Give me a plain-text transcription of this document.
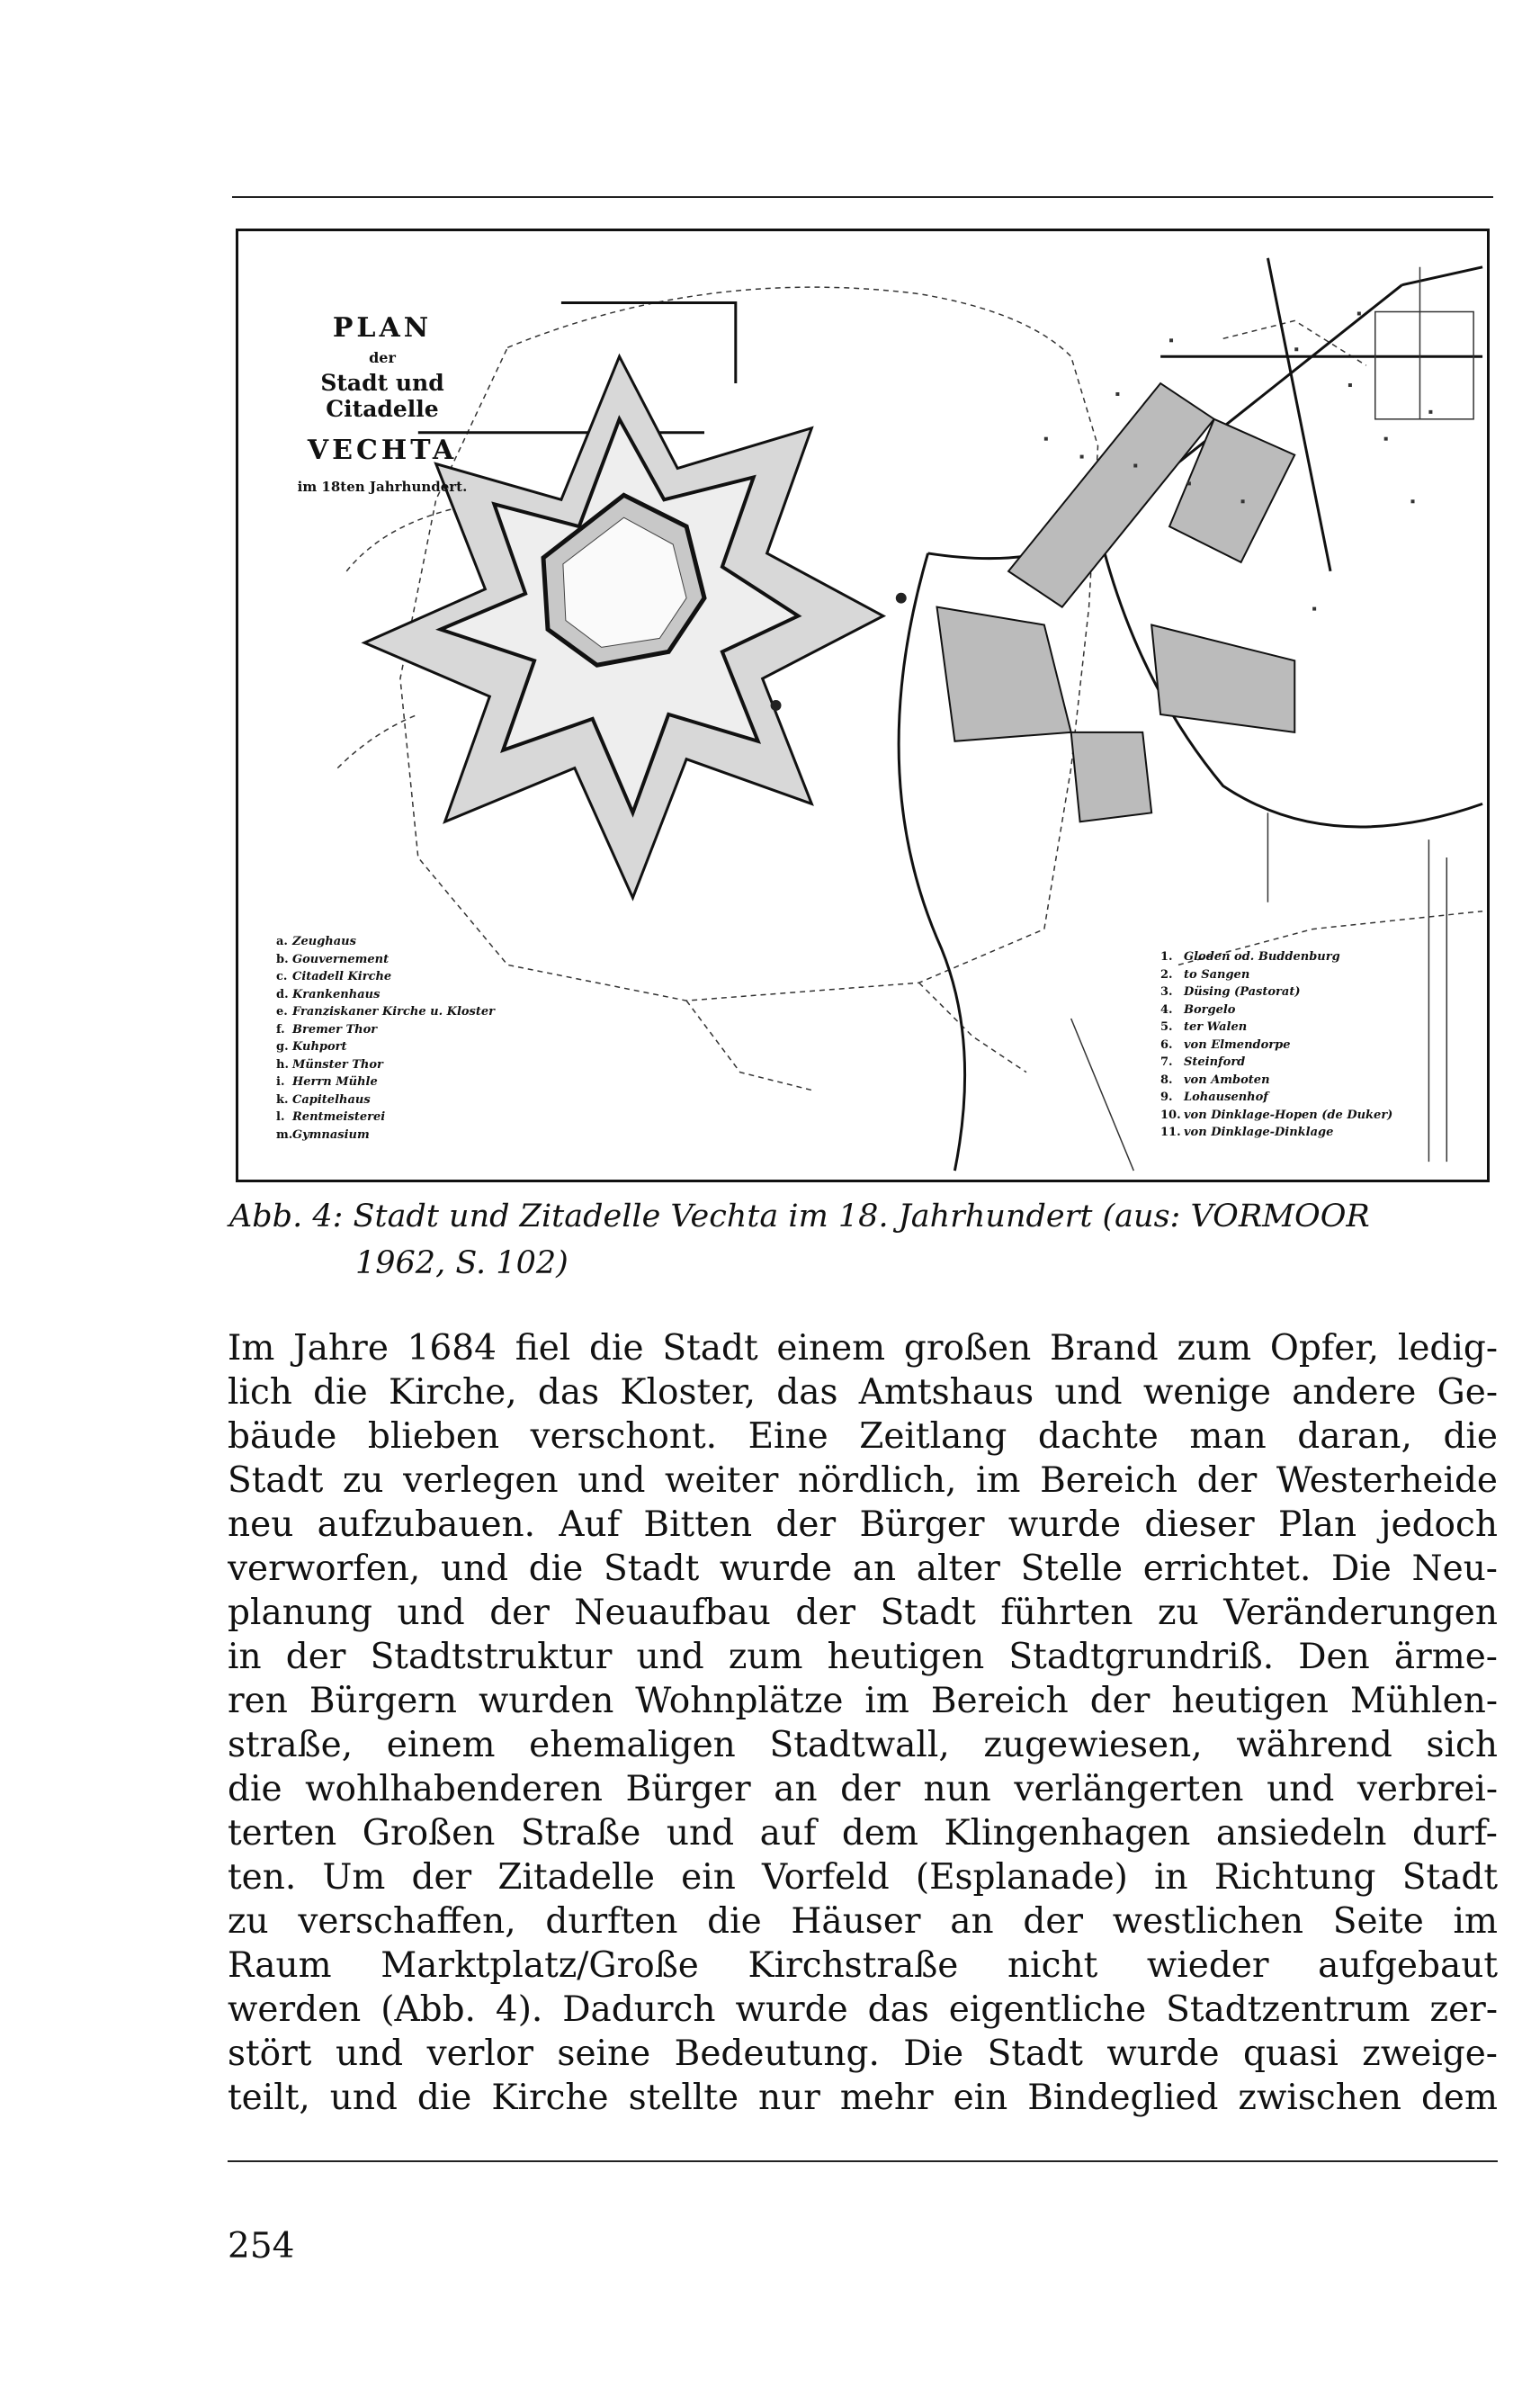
PLAN
der
Stadt und Citadelle
VECHTA
im 18ten Jahrhundert.
a. Zeughaus
b. Gouvernement
c. Citadell Kirche
d. Krankenhaus
e. Franziskaner Kirche u. Kloster
f. Bremer Thor
g. Kuhport
h. Münster Thor
i. Herrn Mühle
k. Capitelhaus
l. Rentmeisterei
m.Gymnasium
1. Gloden od. Buddenburg
2. to Sangen
3. Düsing (Pastorat)
4. Borgelo
5. ter Walen
6. von Elmendorpe
7. Steinford
8. von Amboten
9. Lohausenhof
10. von Dinklage-Hopen (de Duker)
11. von Dinklage-Dinklage
Abb. 4: Stadt und Zitadelle Vechta im 18. Jahrhundert (aus: VORMOOR
1962, S. 102)
Im Jahre 1684 fiel die Stadt einem großen Brand zum Opfer, ledig-
lich die Kirche, das Kloster, das Amtshaus und wenige andere Ge-
bäude blieben verschont. Eine Zeitlang dachte man daran, die
Stadt zu verlegen und weiter nördlich, im Bereich der Westerheide
neu aufzubauen. Auf Bitten der Bürger wurde dieser Plan jedoch
verworfen, und die Stadt wurde an alter Stelle errichtet. Die Neu-
planung und der Neuaufbau der Stadt führten zu Veränderungen
in der Stadtstruktur und zum heutigen Stadtgrundriß. Den ärme-
ren Bürgern wurden Wohnplätze im Bereich der heutigen Mühlen-
straße, einem ehemaligen Stadtwall, zugewiesen, während sich
die wohlhabenderen Bürger an der nun verlängerten und verbrei-
terten Großen Straße und auf dem Klingenhagen ansiedeln durf-
ten. Um der Zitadelle ein Vorfeld (Esplanade) in Richtung Stadt
zu verschaffen, durften die Häuser an der westlichen Seite im
Raum Marktplatz/Große Kirchstraße nicht wieder aufgebaut
werden (Abb. 4). Dadurch wurde das eigentliche Stadtzentrum zer-
stört und verlor seine Bedeutung. Die Stadt wurde quasi zweige-
teilt, und die Kirche stellte nur mehr ein Bindeglied zwischen dem
254
